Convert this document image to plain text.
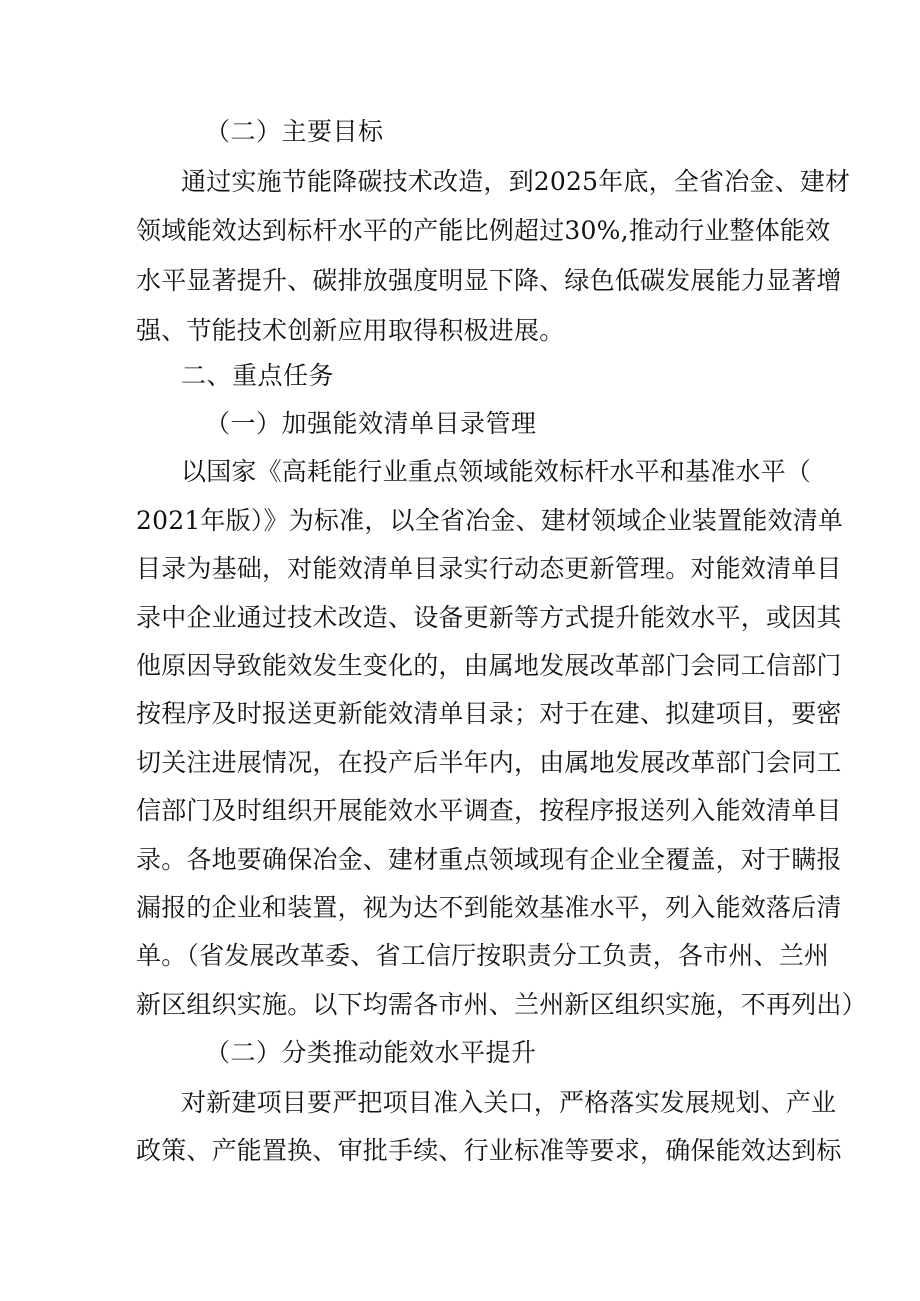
（二）主要目标
通过实施节能降碳技术改造，到2025年底，全省冶金、建材
领域能效达到标杆水平的产能比例超过30%,推动行业整体能效
水平显著提升、碳排放强度明显下降、绿色低碳发展能力显著增
强、节能技术创新应用取得积极进展。
二、重点任务
（一）加强能效清单目录管理
以国家《高耗能行业重点领域能效标杆水平和基准水平（
2021年版）》为标准，以全省冶金、建材领域企业装置能效清单
目录为基础，对能效清单目录实行动态更新管理。对能效清单目
录中企业通过技术改造、设备更新等方式提升能效水平，或因其
他原因导致能效发生变化的，由属地发展改革部门会同工信部门
按程序及时报送更新能效清单目录；对于在建、拟建项目，要密
切关注进展情况，在投产后半年内，由属地发展改革部门会同工
信部门及时组织开展能效水平调查，按程序报送列入能效清单目
录。各地要确保冶金、建材重点领域现有企业全覆盖，对于瞒报
漏报的企业和装置，视为达不到能效基准水平，列入能效落后清
单。（省发展改革委、省工信厅按职责分工负责，各市州、兰州
新区组织实施。以下均需各市州、兰州新区组织实施，不再列出）
（二）分类推动能效水平提升
对新建项目要严把项目准入关口，严格落实发展规划、产业
政策、产能置换、审批手续、行业标准等要求，确保能效达到标
